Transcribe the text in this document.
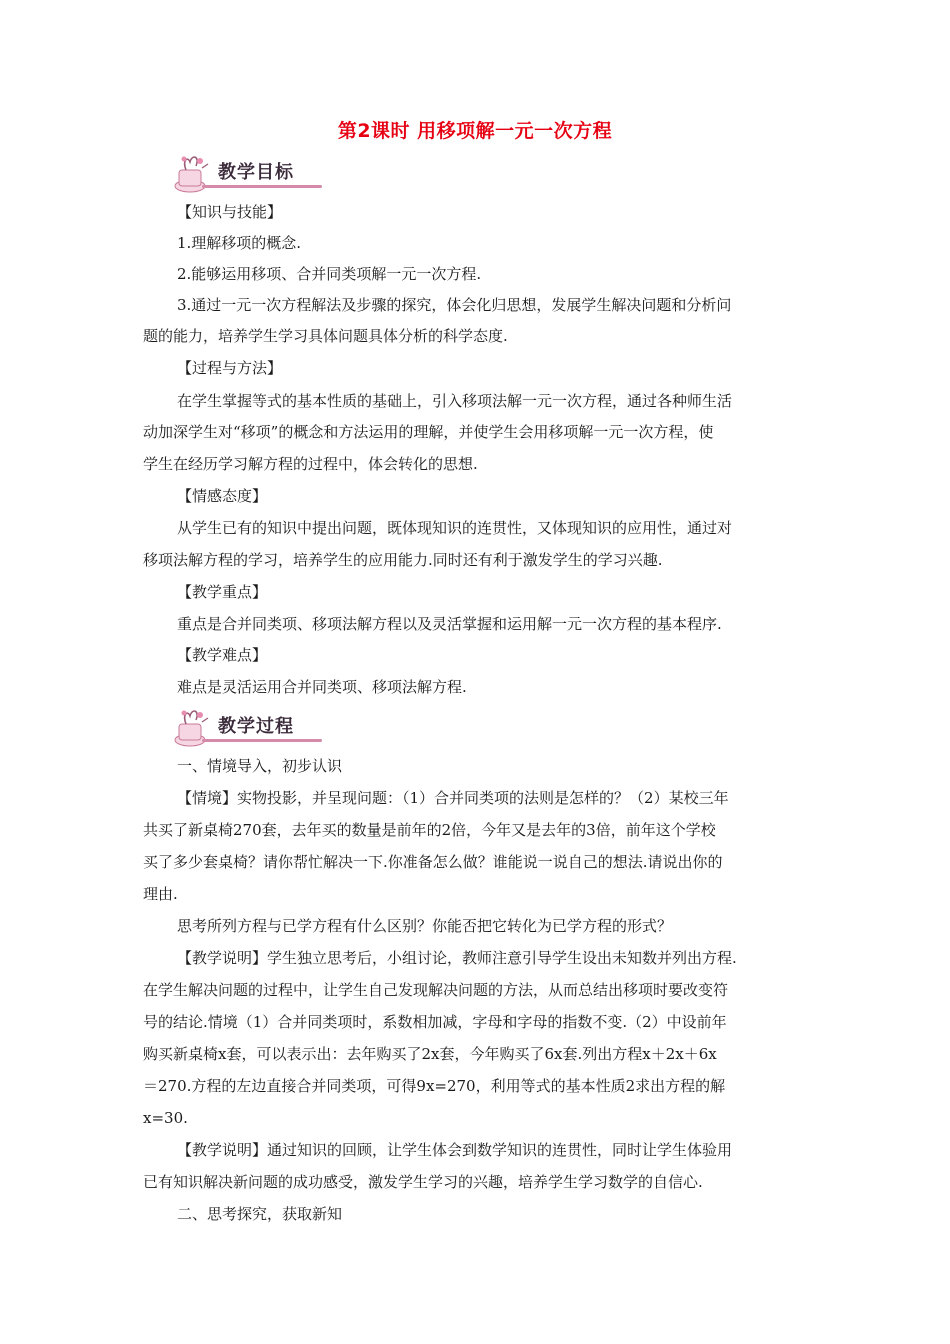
第2课时 用移项解一元一次方程
教学目标
【知识与技能】
1.理解移项的概念.
2.能够运用移项、合并同类项解一元一次方程.
3.通过一元一次方程解法及步骤的探究，体会化归思想，发展学生解决问题和分析问
题的能力，培养学生学习具体问题具体分析的科学态度.
【过程与方法】
在学生掌握等式的基本性质的基础上，引入移项法解一元一次方程，通过各种师生活
动加深学生对“移项”的概念和方法运用的理解，并使学生会用移项解一元一次方程，使
学生在经历学习解方程的过程中，体会转化的思想.
【情感态度】
从学生已有的知识中提出问题，既体现知识的连贯性，又体现知识的应用性，通过对
移项法解方程的学习，培养学生的应用能力.同时还有利于激发学生的学习兴趣.
【教学重点】
重点是合并同类项、移项法解方程以及灵活掌握和运用解一元一次方程的基本程序.
【教学难点】
难点是灵活运用合并同类项、移项法解方程.
教学过程
一、情境导入，初步认识
【情境】实物投影，并呈现问题：（1）合并同类项的法则是怎样的？（2）某校三年
共买了新桌椅270套，去年买的数量是前年的2倍，今年又是去年的3倍，前年这个学校
买了多少套桌椅？请你帮忙解决一下.你准备怎么做？谁能说一说自己的想法.请说出你的
理由.
思考所列方程与已学方程有什么区别？你能否把它转化为已学方程的形式？
【教学说明】学生独立思考后，小组讨论，教师注意引导学生设出未知数并列出方程.
在学生解决问题的过程中，让学生自己发现解决问题的方法，从而总结出移项时要改变符
号的结论.情境（1）合并同类项时，系数相加减，字母和字母的指数不变.（2）中设前年
购买新桌椅x套，可以表示出：去年购买了2x套，今年购买了6x套.列出方程x＋2x＋6x
＝270.方程的左边直接合并同类项，可得9x=270，利用等式的基本性质2求出方程的解
x=30.
【教学说明】通过知识的回顾，让学生体会到数学知识的连贯性，同时让学生体验用
已有知识解决新问题的成功感受，激发学生学习的兴趣，培养学生学习数学的自信心.
二、思考探究，获取新知
